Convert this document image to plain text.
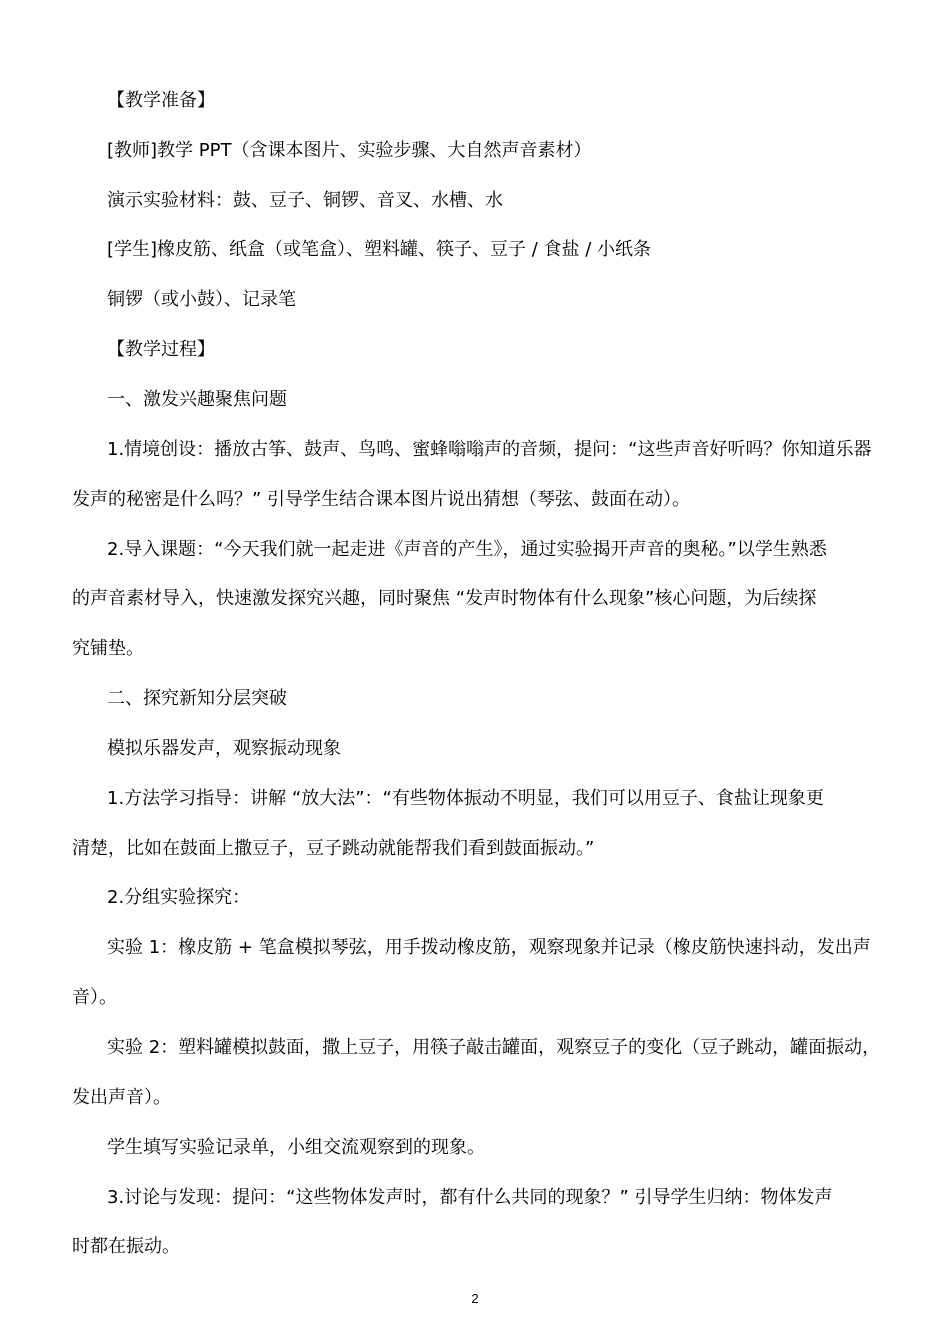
【教学准备】

[教师]教学 PPT（含课本图片、实验步骤、大自然声音素材）

演示实验材料：鼓、豆子、铜锣、音叉、水槽、水

[学生]橡皮筋、纸盒（或笔盒）、塑料罐、筷子、豆子 / 食盐 / 小纸条

铜锣（或小鼓）、记录笔

【教学过程】

一、激发兴趣聚焦问题

1.情境创设：播放古筝、鼓声、鸟鸣、蜜蜂嗡嗡声的音频，提问：“这些声音好听吗？你知道乐器

发声的秘密是什么吗？” 引导学生结合课本图片说出猜想（琴弦、鼓面在动）。

2.导入课题：“今天我们就一起走进《声音的产生》，通过实验揭开声音的奥秘。”以学生熟悉

的声音素材导入，快速激发探究兴趣，同时聚焦 “发声时物体有什么现象”核心问题，为后续探

究铺垫。

二、探究新知分层突破

模拟乐器发声，观察振动现象

1.方法学习指导：讲解 “放大法”：“有些物体振动不明显，我们可以用豆子、食盐让现象更

清楚，比如在鼓面上撒豆子，豆子跳动就能帮我们看到鼓面振动。”

2.分组实验探究：

实验 1：橡皮筋 + 笔盒模拟琴弦，用手拨动橡皮筋，观察现象并记录（橡皮筋快速抖动，发出声

音）。

实验 2：塑料罐模拟鼓面，撒上豆子，用筷子敲击罐面，观察豆子的变化（豆子跳动，罐面振动，

发出声音）。

学生填写实验记录单，小组交流观察到的现象。

3.讨论与发现：提问：“这些物体发声时，都有什么共同的现象？” 引导学生归纳：物体发声

时都在振动。

2
